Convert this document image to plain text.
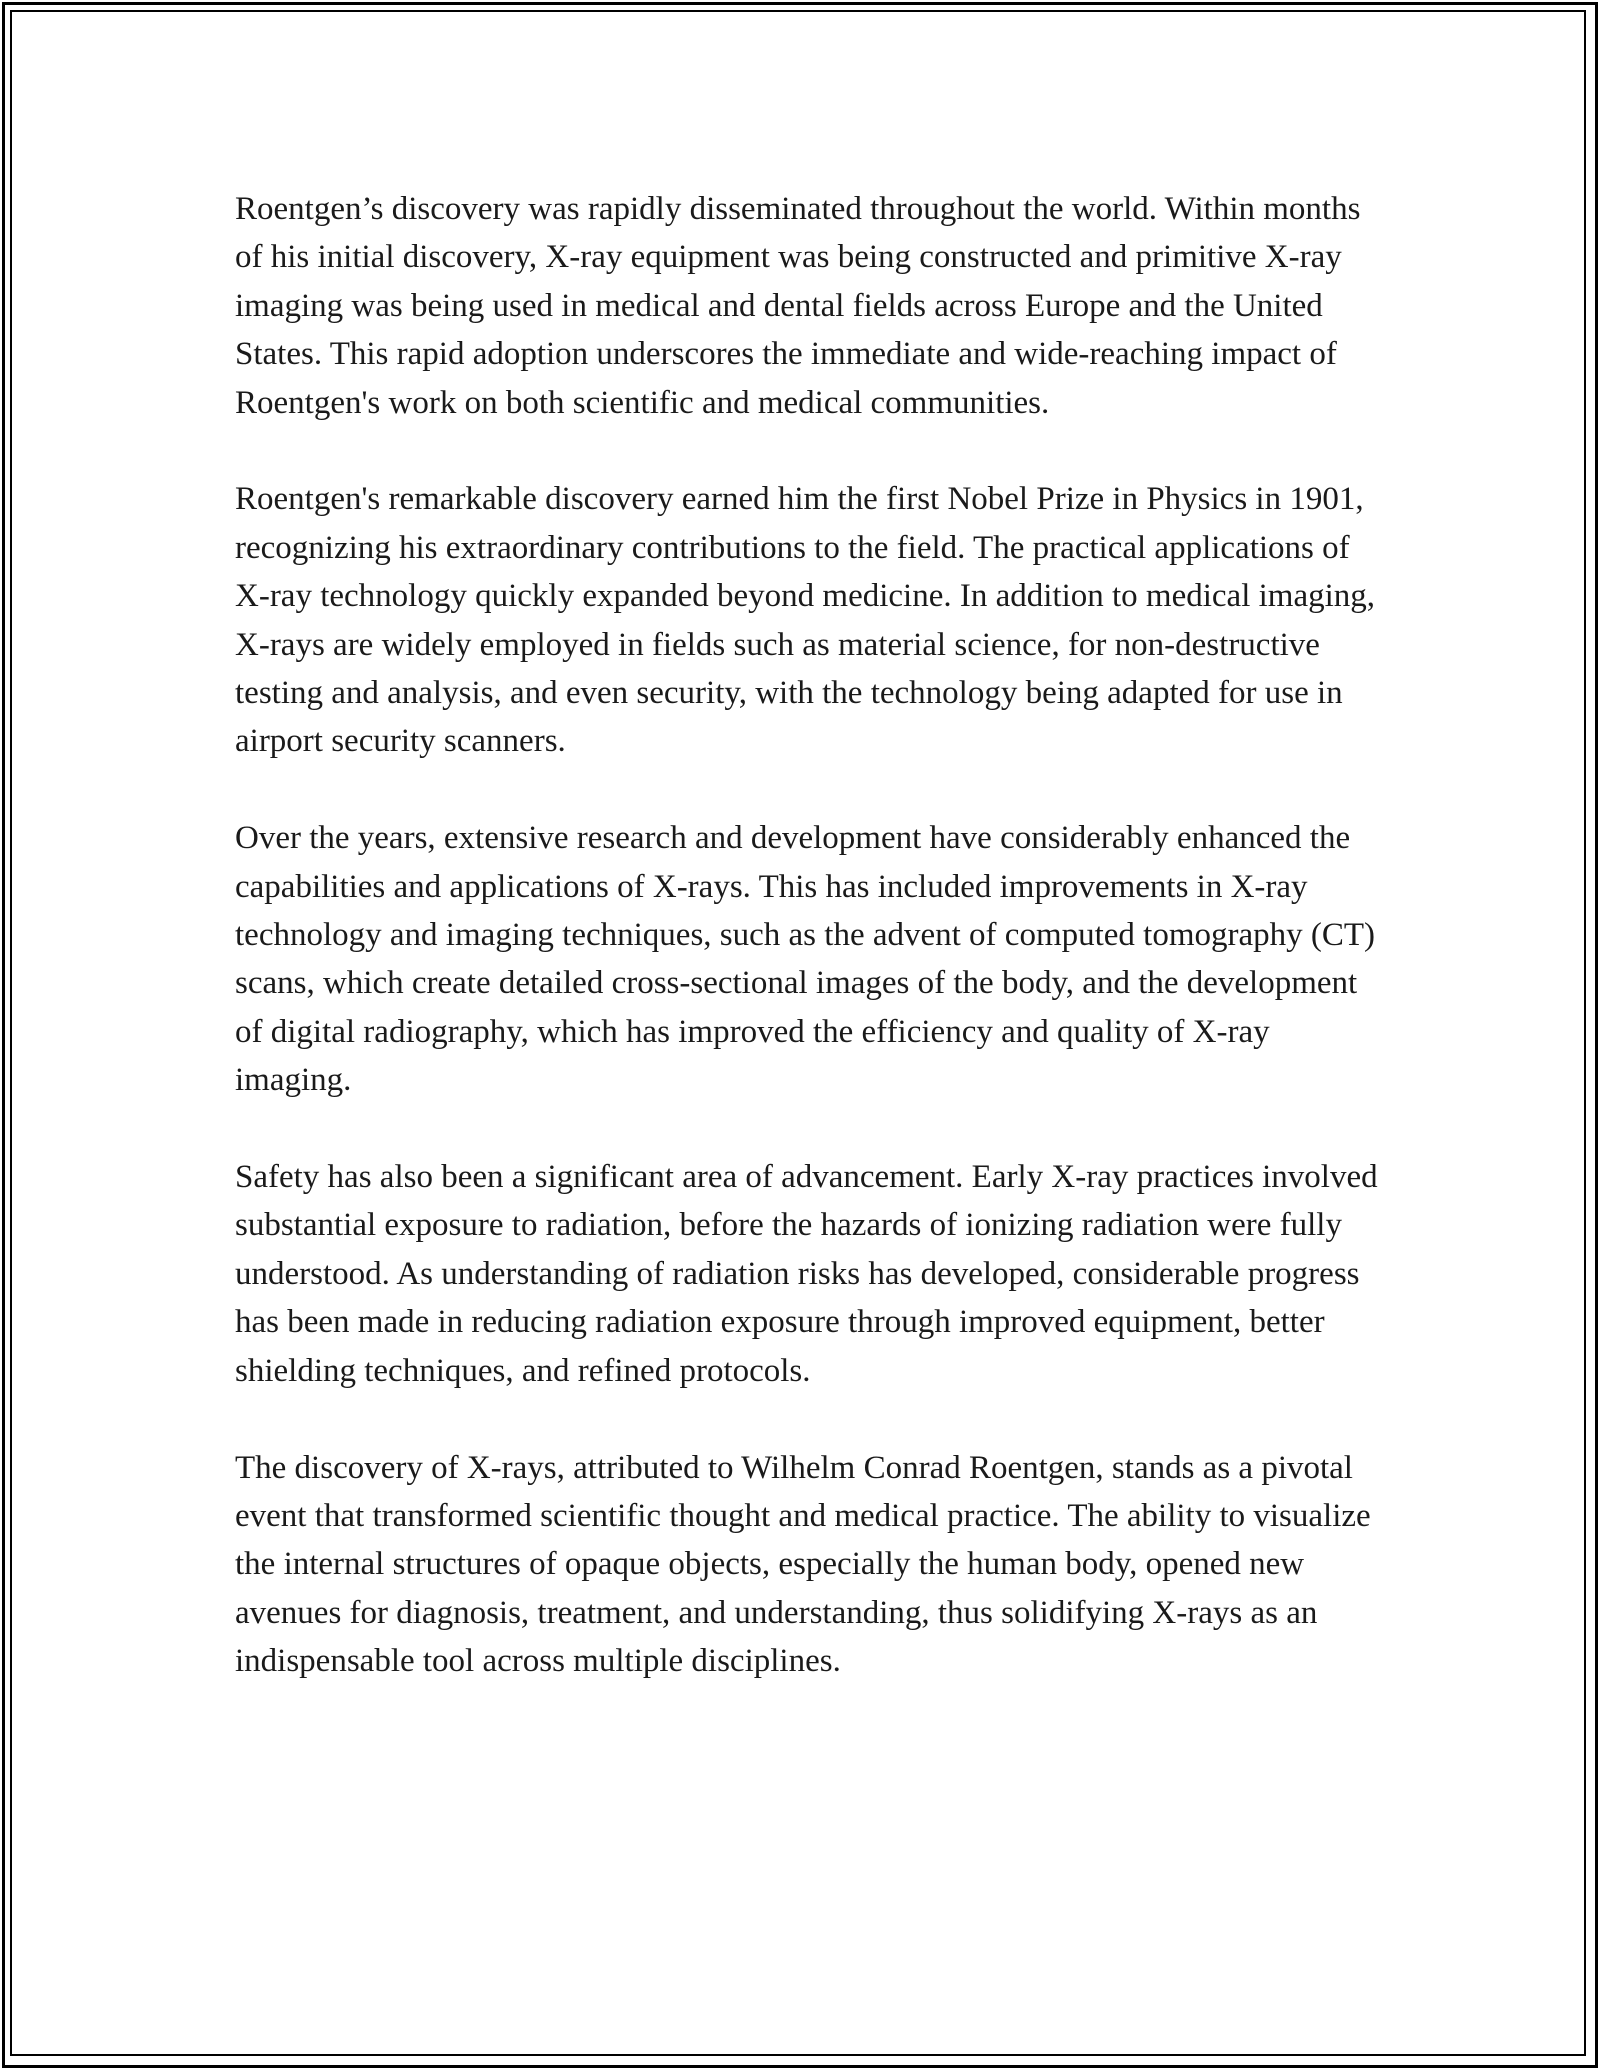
Roentgen’s discovery was rapidly disseminated throughout the world. Within months of his initial discovery, X-ray equipment was being constructed and primitive X-ray imaging was being used in medical and dental fields across Europe and the United States. This rapid adoption underscores the immediate and wide-reaching impact of Roentgen's work on both scientific and medical communities.

Roentgen's remarkable discovery earned him the first Nobel Prize in Physics in 1901, recognizing his extraordinary contributions to the field. The practical applications of X-ray technology quickly expanded beyond medicine. In addition to medical imaging, X-rays are widely employed in fields such as material science, for non-destructive testing and analysis, and even security, with the technology being adapted for use in airport security scanners.

Over the years, extensive research and development have considerably enhanced the capabilities and applications of X-rays. This has included improvements in X-ray technology and imaging techniques, such as the advent of computed tomography (CT) scans, which create detailed cross-sectional images of the body, and the development of digital radiography, which has improved the efficiency and quality of X-ray imaging.

Safety has also been a significant area of advancement. Early X-ray practices involved substantial exposure to radiation, before the hazards of ionizing radiation were fully understood. As understanding of radiation risks has developed, considerable progress has been made in reducing radiation exposure through improved equipment, better shielding techniques, and refined protocols.

The discovery of X-rays, attributed to Wilhelm Conrad Roentgen, stands as a pivotal event that transformed scientific thought and medical practice. The ability to visualize the internal structures of opaque objects, especially the human body, opened new avenues for diagnosis, treatment, and understanding, thus solidifying X-rays as an indispensable tool across multiple disciplines.
